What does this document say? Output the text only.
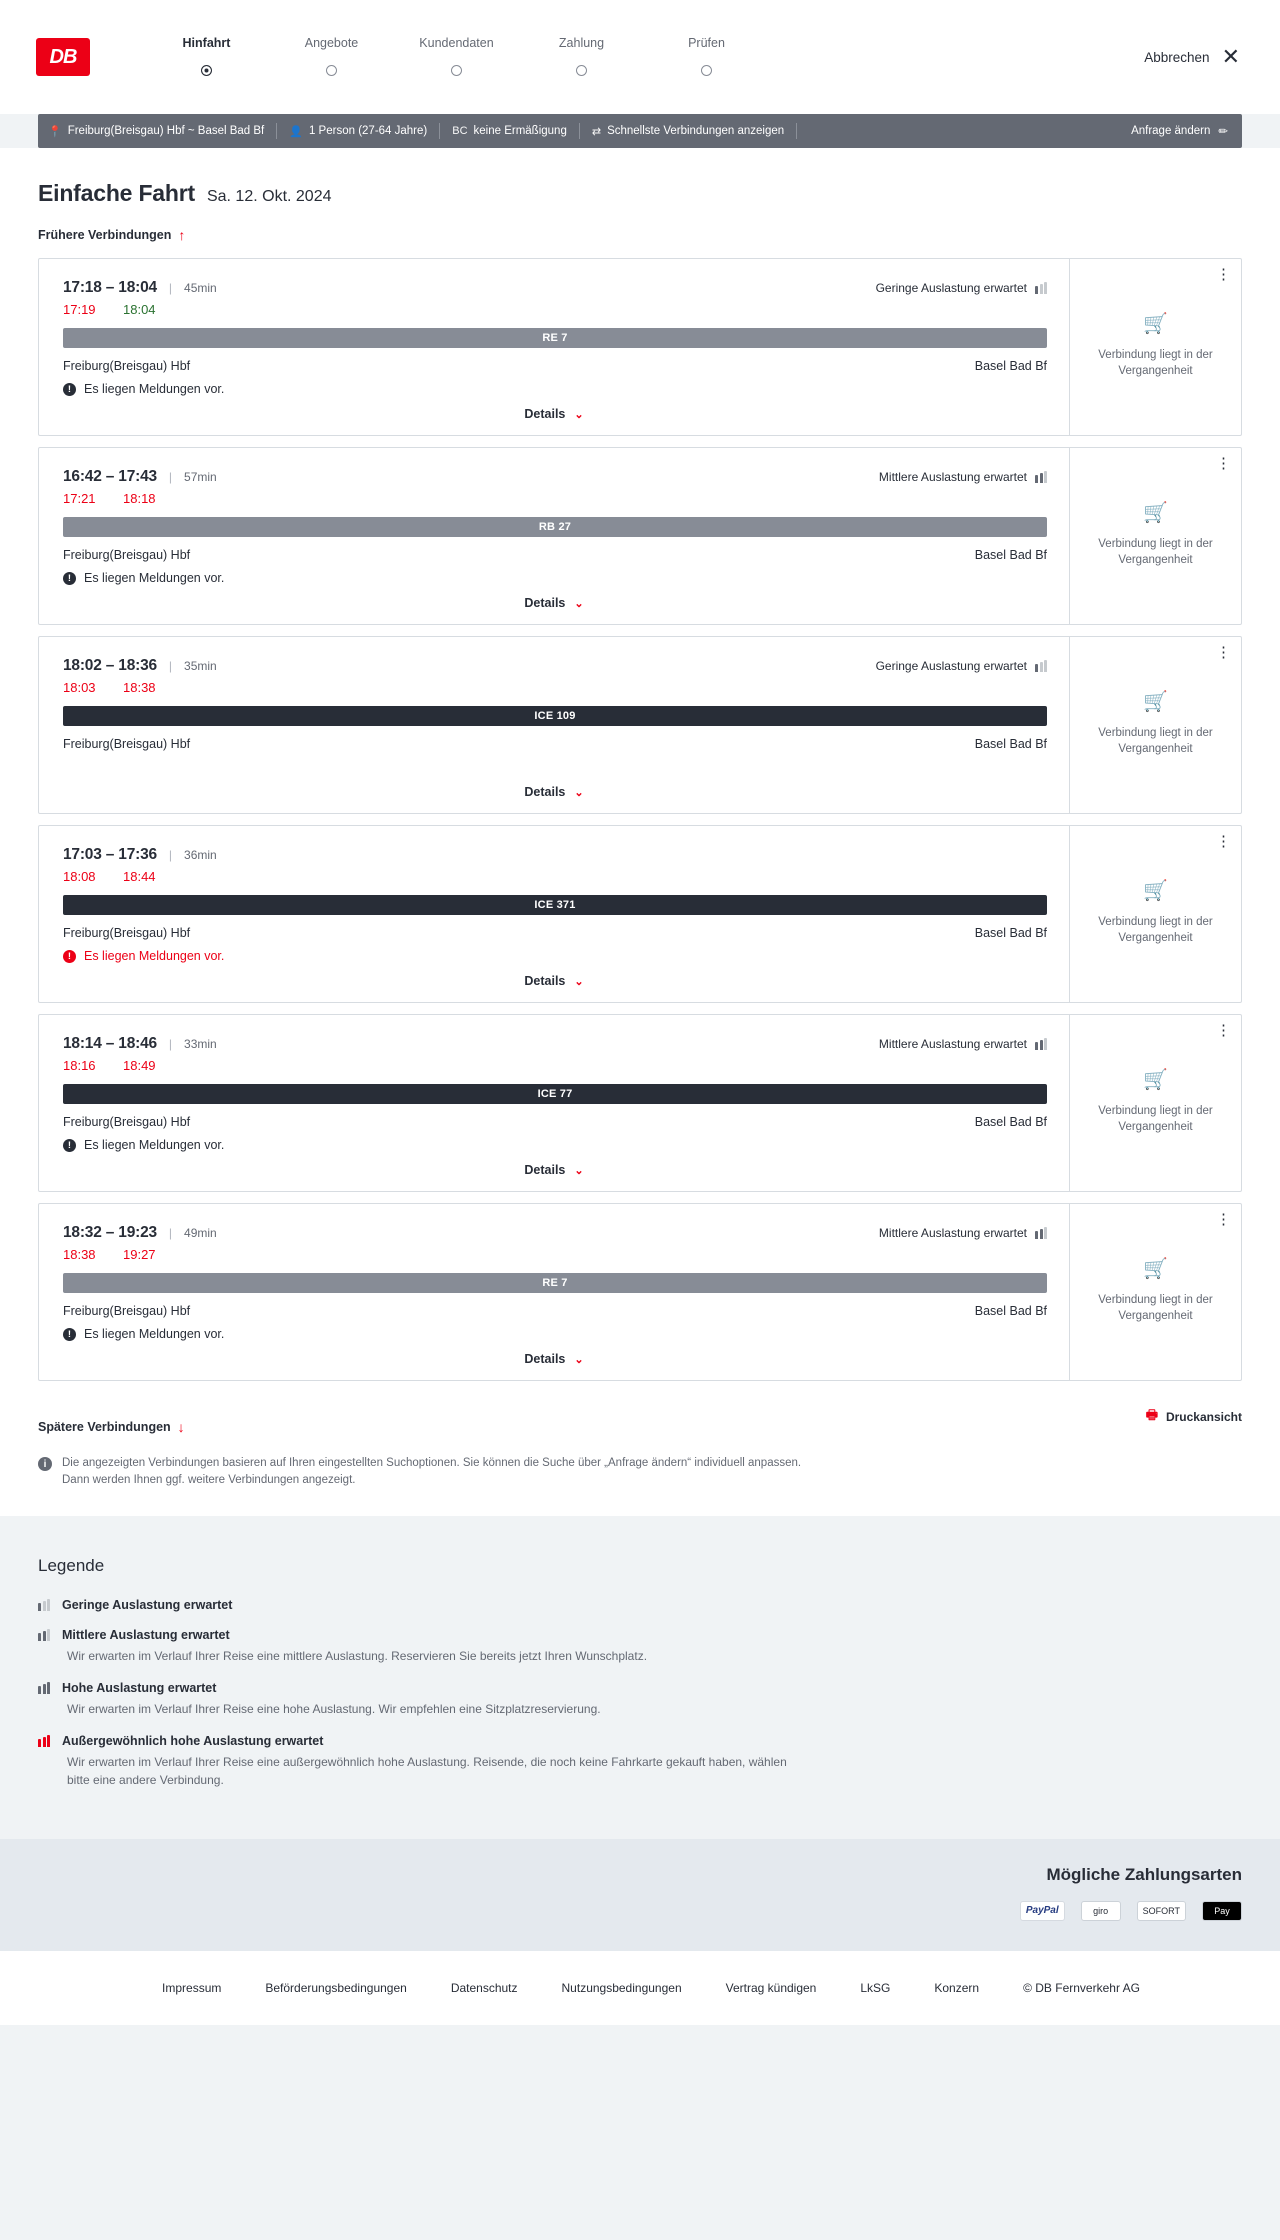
DB
Hinfahrt	Angebote	Kundendaten	Zahlung	Prüfen
Abbrechen ✕
📍 Freiburg(Breisgau) Hbf ~ Basel Bad Bf 👤 1 Person (27-64 Jahre) BC keine Ermäßigung ⇄ Schnellste Verbindungen anzeigen	Anfrage ändern ✏
Einfache Fahrt Sa. 12. Okt. 2024
Frühere Verbindungen ↑
17:18 – 18:04 | 45min	Geringe Auslastung erwartet
17:19	18:04
RE 7
Freiburg(Breisgau) Hbf	Basel Bad Bf
!	Es liegen Meldungen vor.
Details ⌄
⋮
🛒
Verbindung liegt in der Vergangenheit
16:42 – 17:43 | 57min	Mittlere Auslastung erwartet
17:21	18:18
RB 27
Freiburg(Breisgau) Hbf	Basel Bad Bf
!	Es liegen Meldungen vor.
Details ⌄
⋮
🛒
Verbindung liegt in der Vergangenheit
18:02 – 18:36 | 35min	Geringe Auslastung erwartet
18:03	18:38
ICE 109
Freiburg(Breisgau) Hbf	Basel Bad Bf
Details ⌄
⋮
🛒
Verbindung liegt in der Vergangenheit
17:03 – 17:36 | 36min
18:08	18:44
ICE 371
Freiburg(Breisgau) Hbf	Basel Bad Bf
!	Es liegen Meldungen vor.
Details ⌄
⋮
🛒
Verbindung liegt in der Vergangenheit
18:14 – 18:46 | 33min	Mittlere Auslastung erwartet
18:16	18:49
ICE 77
Freiburg(Breisgau) Hbf	Basel Bad Bf
!	Es liegen Meldungen vor.
Details ⌄
⋮
🛒
Verbindung liegt in der Vergangenheit
18:32 – 19:23 | 49min	Mittlere Auslastung erwartet
18:38	19:27
RE 7
Freiburg(Breisgau) Hbf	Basel Bad Bf
!	Es liegen Meldungen vor.
Details ⌄
⋮
🛒
Verbindung liegt in der Vergangenheit
Spätere Verbindungen ↓
🖶 Druckansicht
i	Die angezeigten Verbindungen basieren auf Ihren eingestellten Suchoptionen. Sie können die Suche über „Anfrage ändern“ individuell anpassen. Dann werden Ihnen ggf. weitere Verbindungen angezeigt.
Legende
Geringe Auslastung erwartet
Mittlere Auslastung erwartet
Wir erwarten im Verlauf Ihrer Reise eine mittlere Auslastung. Reservieren Sie bereits jetzt Ihren Wunschplatz.
Hohe Auslastung erwartet
Wir erwarten im Verlauf Ihrer Reise eine hohe Auslastung. Wir empfehlen eine Sitzplatzreservierung.
Außergewöhnlich hohe Auslastung erwartet
Wir erwarten im Verlauf Ihrer Reise eine außergewöhnlich hohe Auslastung. Reisende, die noch keine Fahrkarte gekauft haben, wählen bitte eine andere Verbindung.
Mögliche Zahlungsarten
PayPal	giro	SOFORT	Pay
Impressum	Beförderungsbedingungen	Datenschutz	Nutzungsbedingungen	Vertrag kündigen	LkSG	Konzern	© DB Fernverkehr AG
